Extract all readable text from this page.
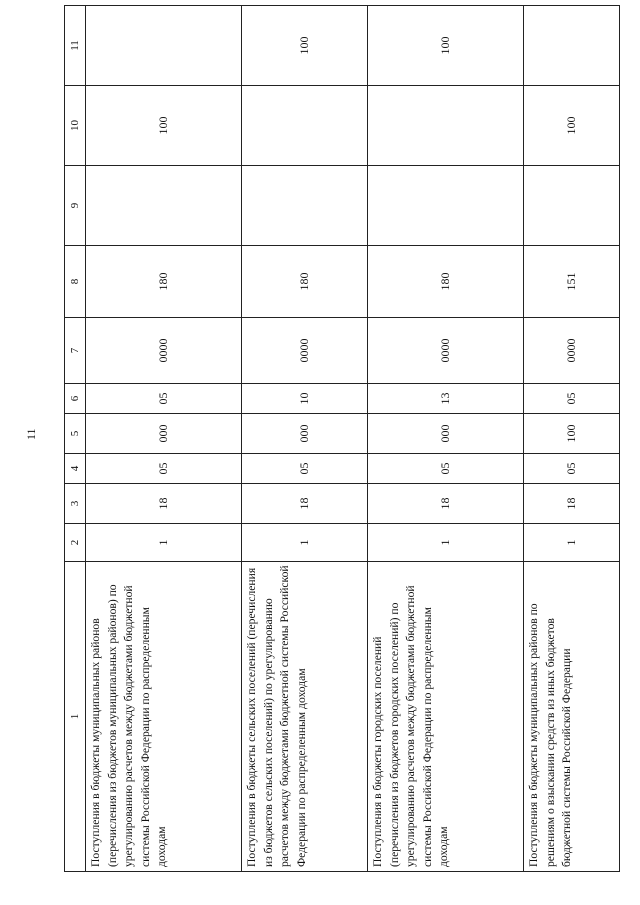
11
1	2	3	4	5	6	7	8	9	10	11
Поступления в бюджеты муниципальных районов (перечисления из бюджетов муниципальных районов) по урегулированию расчетов между бюджетами бюджетной системы Российской Федерации по распределенным доходам	1	18	05	000	05	0000	180		100	
Поступления в бюджеты сельских поселений (перечисления из бюджетов сельских поселений) по урегулированию расчетов между бюджетами бюджетной системы Российской Федерации по распределенным доходам	1	18	05	000	10	0000	180			100
Поступления в бюджеты городских поселений (перечисления из бюджетов городских поселений) по урегулированию расчетов между бюджетами бюджетной системы Российской Федерации по распределенным доходам	1	18	05	000	13	0000	180			100
Поступления в бюджеты муниципальных районов по решениям о взыскании средств из иных бюджетов бюджетной системы Российской Федерации	1	18	05	100	05	0000	151		100	
